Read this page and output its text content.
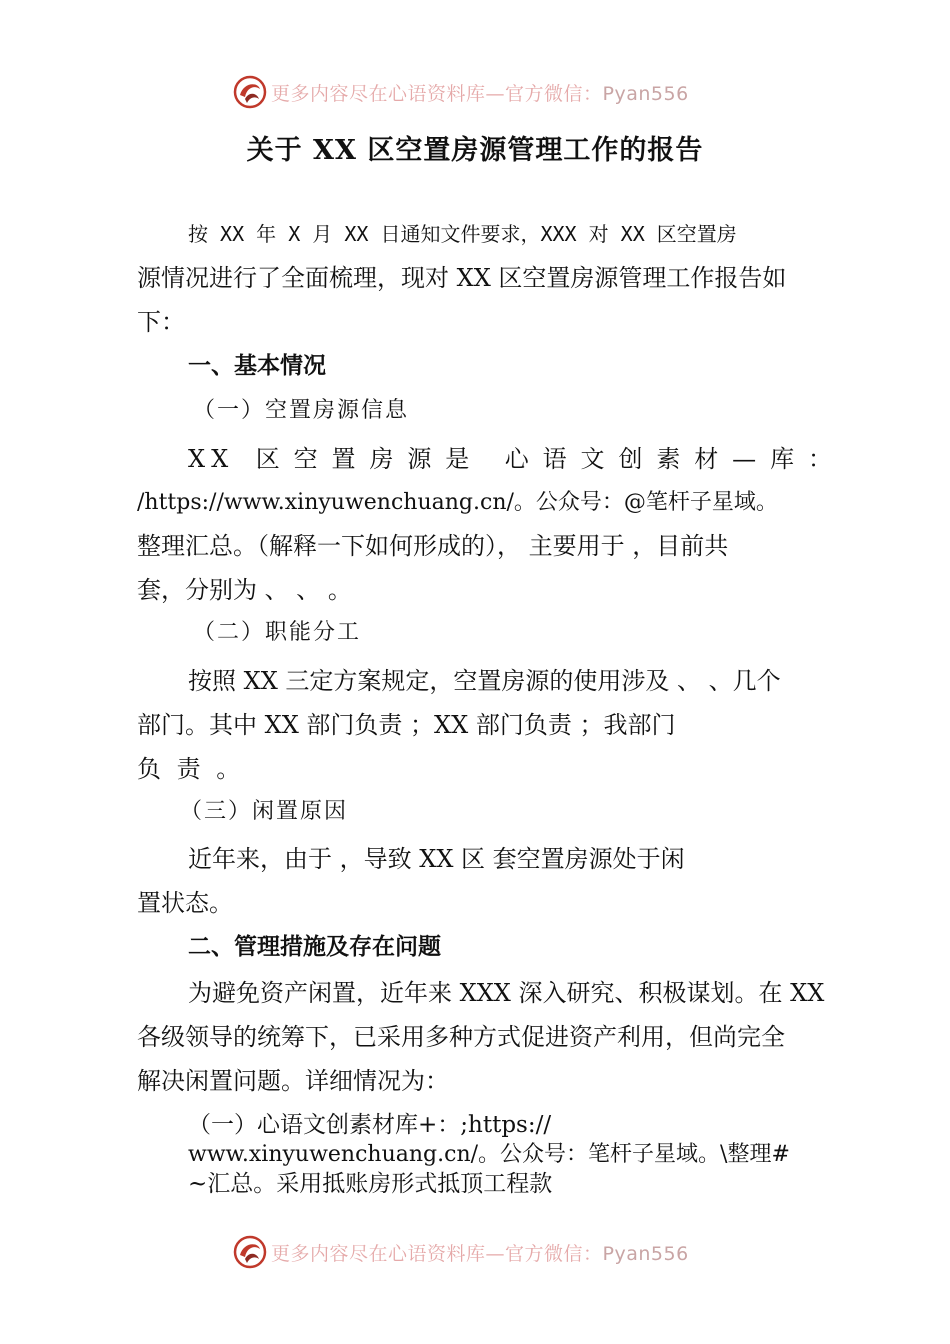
更多内容尽在心语资料库—官方微信：Pyan556
关于 XX 区空置房源管理工作的报告

按 XX 年 X 月 XX 日通知文件要求，XXX 对 XX 区空置房

源情况进行了全面梳理，现对 XX 区空置房源管理工作报告如

下：

一、基本情况

（一）空置房源信息

XX 区空置房源是 心语文创素材—库：

/https://www.xinyuwenchuang.cn/。公众号：@笔杆子星域。

整理汇总。（解释一下如何形成的）， 主要用于 ，目前共

套，分别为 、 、 。

（二）职能分工

按照 XX 三定方案规定，空置房源的使用涉及 、 、几个

部门。其中 XX 部门负责 ；XX 部门负责 ；我部门

负 责 。

（三）闲置原因

近年来，由于 ，导致 XX 区 套空置房源处于闲

置状态。

二、管理措施及存在问题

为避免资产闲置，近年来 XXX 深入研究、积极谋划。在 XX

各级领导的统筹下，已采用多种方式促进资产利用，但尚完全

解决闲置问题。详细情况为：

（一）心语文创素材库+：;https://

www.xinyuwenchuang.cn/。公众号：笔杆子星域。\整理#

~汇总。采用抵账房形式抵顶工程款

更多内容尽在心语资料库—官方微信：Pyan556
